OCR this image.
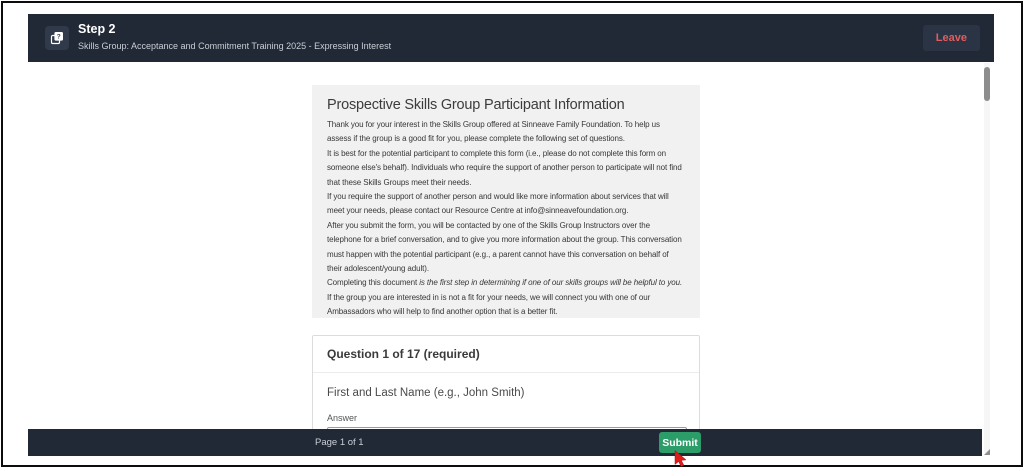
?
Step 2
Skills Group: Acceptance and Commitment Training 2025 - Expressing Interest
Leave
Prospective Skills Group Participant Information

Thank you for your interest in the Skills Group offered at Sinneave Family Foundation. To help us assess if the group is a good fit for you, please complete the following set of questions.

It is best for the potential participant to complete this form (i.e., please do not complete this form on someone else's behalf). Individuals who require the support of another person to participate will not find that these Skills Groups meet their needs.

If you require the support of another person and would like more information about services that will meet your needs, please contact our Resource Centre at info@sinneavefoundation.org.

After you submit the form, you will be contacted by one of the Skills Group Instructors over the telephone for a brief conversation, and to give you more information about the group. This conversation must happen with the potential participant (e.g., a parent cannot have this conversation on behalf of their adolescent/young adult).

Completing this document is the first step in determining if one of our skills groups will be helpful to you.

If the group you are interested in is not a fit for your needs, we will connect you with one of our Ambassadors who will help to find another option that is a better fit.

Question 1 of 17 (required)
First and Last Name (e.g., John Smith)
Answer
Page 1 of 1	Submit
